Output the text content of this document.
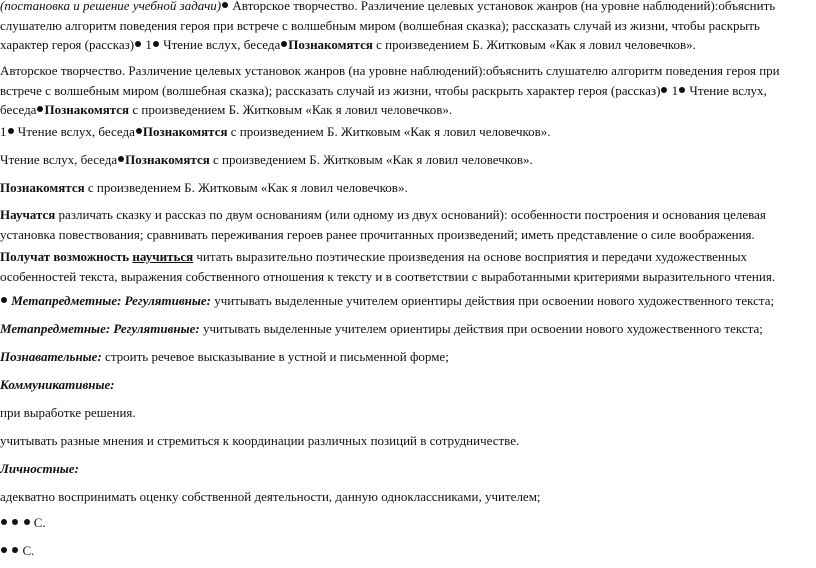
(постановка и решение учебной задачи) Авторское творчество. Различение целевых установок жанров (на уровне наблюдений):объяснить слушателю алгоритм поведения героя при встрече с волшебным миром (волшебная сказка); рассказать случай из жизни, чтобы раскрыть характер героя (рассказ) 1 Чтение вслух, беседа Познакомятся с произведением Б. Житковым «Как я ловил человечков».

Авторское творчество. Различение целевых установок жанров (на уровне наблюдений):объяснить слушателю алгоритм поведения героя при встрече с волшебным миром (волшебная сказка); рассказать случай из жизни, чтобы раскрыть характер героя (рассказ) 1 Чтение вслух, беседа Познакомятся с произведением Б. Житковым «Как я ловил человечков».

1 Чтение вслух, беседа Познакомятся с произведением Б. Житковым «Как я ловил человечков».

Чтение вслух, беседа Познакомятся с произведением Б. Житковым «Как я ловил человечков».

Познакомятся с произведением Б. Житковым «Как я ловил человечков».

Научатся различать сказку и рассказ по двум основаниям (или одному из двух оснований): особенности построения и основания целевая установка повествования; сравнивать переживания героев ранее прочитанных произведений; иметь представление о силе воображения.

Получат возможность научиться читать выразительно поэтические произведения на основе восприятия и передачи художественных особенностей текста, выражения собственного отношения к тексту и в соответствии с выработанными критериями выразительного чтения.

Метапредметные: Регулятивные: учитывать выделенные учителем ориентиры действия при освоении нового художественного текста;

Метапредметные: Регулятивные: учитывать выделенные учителем ориентиры действия при освоении нового художественного текста;

Познавательные: строить речевое высказывание в устной и письменной форме;

Коммуникативные:

при выработке решения.

учитывать разные мнения и стремиться к координации различных позиций в сотрудничестве.

Личностные:

адекватно воспринимать оценку собственной деятельности, данную одноклассниками, учителем;

С.

С.
